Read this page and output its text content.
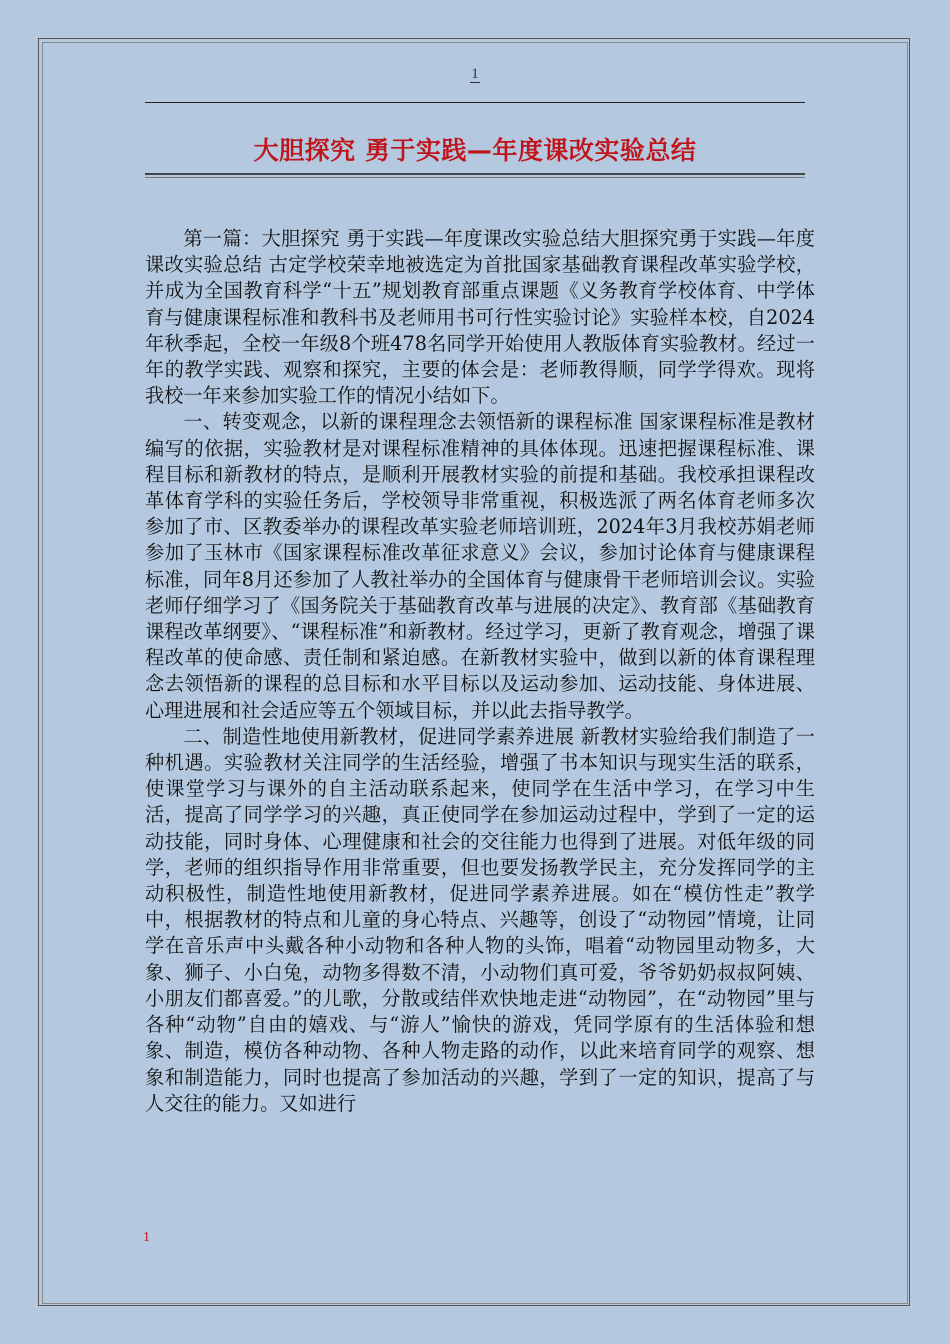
1
大胆探究 勇于实践—年度课改实验总结

第一篇：大胆探究 勇于实践—年度课改实验总结大胆探究勇于实践—年度课改实验总结 古定学校荣幸地被选定为首批国家基础教育课程改革实验学校，并成为全国教育科学“十五”规划教育部重点课题《义务教育学校体育、中学体育与健康课程标准和教科书及老师用书可行性实验讨论》实验样本校，自2024年秋季起，全校一年级8个班478名同学开始使用人教版体育实验教材。经过一年的教学实践、观察和探究，主要的体会是：老师教得顺，同学学得欢。现将我校一年来参加实验工作的情况小结如下。

一、转变观念，以新的课程理念去领悟新的课程标准 国家课程标准是教材编写的依据，实验教材是对课程标准精神的具体体现。迅速把握课程标准、课程目标和新教材的特点，是顺利开展教材实验的前提和基础。我校承担课程改革体育学科的实验任务后，学校领导非常重视，积极选派了两名体育老师多次参加了市、区教委举办的课程改革实验老师培训班，2024年3月我校苏娟老师参加了玉林市《国家课程标准改革征求意义》会议，参加讨论体育与健康课程标准，同年8月还参加了人教社举办的全国体育与健康骨干老师培训会议。实验老师仔细学习了《国务院关于基础教育改革与进展的决定》、教育部《基础教育课程改革纲要》、“课程标准”和新教材。经过学习，更新了教育观念，增强了课程改革的使命感、责任制和紧迫感。在新教材实验中，做到以新的体育课程理念去领悟新的课程的总目标和水平目标以及运动参加、运动技能、身体进展、心理进展和社会适应等五个领域目标，并以此去指导教学。

二、制造性地使用新教材，促进同学素养进展 新教材实验给我们制造了一种机遇。实验教材关注同学的生活经验，增强了书本知识与现实生活的联系，使课堂学习与课外的自主活动联系起来，使同学在生活中学习，在学习中生活，提高了同学学习的兴趣，真正使同学在参加运动过程中，学到了一定的运动技能，同时身体、心理健康和社会的交往能力也得到了进展。对低年级的同学，老师的组织指导作用非常重要，但也要发扬教学民主，充分发挥同学的主动积极性，制造性地使用新教材，促进同学素养进展。如在“模仿性走”教学中，根据教材的特点和儿童的身心特点、兴趣等，创设了“动物园”情境，让同学在音乐声中头戴各种小动物和各种人物的头饰，唱着“动物园里动物多，大象、狮子、小白兔，动物多得数不清，小动物们真可爱，爷爷奶奶叔叔阿姨、小朋友们都喜爱。”的儿歌，分散或结伴欢快地走进“动物园”，在“动物园”里与各种“动物”自由的嬉戏、与“游人”愉快的游戏，凭同学原有的生活体验和想象、制造，模仿各种动物、各种人物走路的动作，以此来培育同学的观察、想象和制造能力，同时也提高了参加活动的兴趣，学到了一定的知识，提高了与人交往的能力。又如进行

1
